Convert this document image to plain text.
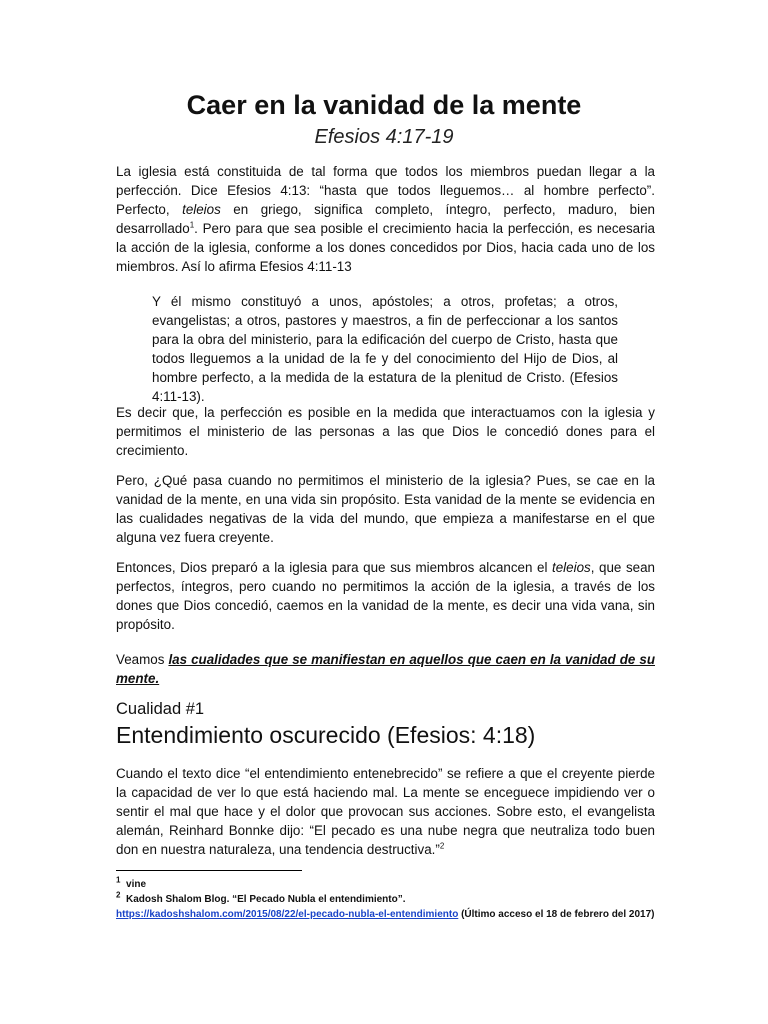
Caer en la vanidad de la mente
Efesios 4:17-19

La iglesia está constituida de tal forma que todos los miembros puedan llegar a la perfección. Dice Efesios 4:13: “hasta que todos lleguemos… al hombre perfecto”. Perfecto, teleios en griego, significa completo, íntegro, perfecto, maduro, bien desarrollado$^1$. Pero para que sea posible el crecimiento hacia la perfección, es necesaria la acción de la iglesia, conforme a los dones concedidos por Dios, hacia cada uno de los miembros. Así lo afirma Efesios 4:11-13

Y él mismo constituyó a unos, apóstoles; a otros, profetas; a otros, evangelistas; a otros, pastores y maestros, a fin de perfeccionar a los santos para la obra del ministerio, para la edificación del cuerpo de Cristo, hasta que todos lleguemos a la unidad de la fe y del conocimiento del Hijo de Dios, al hombre perfecto, a la medida de la estatura de la plenitud de Cristo. (Efesios 4:11-13).

Es decir que, la perfección es posible en la medida que interactuamos con la iglesia y permitimos el ministerio de las personas a las que Dios le concedió dones para el crecimiento.

Pero, ¿Qué pasa cuando no permitimos el ministerio de la iglesia? Pues, se cae en la vanidad de la mente, en una vida sin propósito. Esta vanidad de la mente se evidencia en las cualidades negativas de la vida del mundo, que empieza a manifestarse en el que alguna vez fuera creyente.

Entonces, Dios preparó a la iglesia para que sus miembros alcancen el teleios, que sean perfectos, íntegros, pero cuando no permitimos la acción de la iglesia, a través de los dones que Dios concedió, caemos en la vanidad de la mente, es decir una vida vana, sin propósito.

Veamos las cualidades que se manifiestan en aquellos que caen en la vanidad de su mente.

Cualidad #1
Entendimiento oscurecido (Efesios: 4:18)

Cuando el texto dice “el entendimiento entenebrecido” se refiere a que el creyente pierde la capacidad de ver lo que está haciendo mal. La mente se enceguece impidiendo ver o sentir el mal que hace y el dolor que provocan sus acciones. Sobre esto, el evangelista alemán, Reinhard Bonnke dijo: “El pecado es una nube negra que neutraliza todo buen don en nuestra naturaleza, una tendencia destructiva.”$^2$

$^1$ vine

$^2$ Kadosh Shalom Blog. “El Pecado Nubla el entendimiento”.
https://kadoshshalom.com/2015/08/22/el-pecado-nubla-el-entendimiento (Último acceso el 18 de febrero del 2017)
